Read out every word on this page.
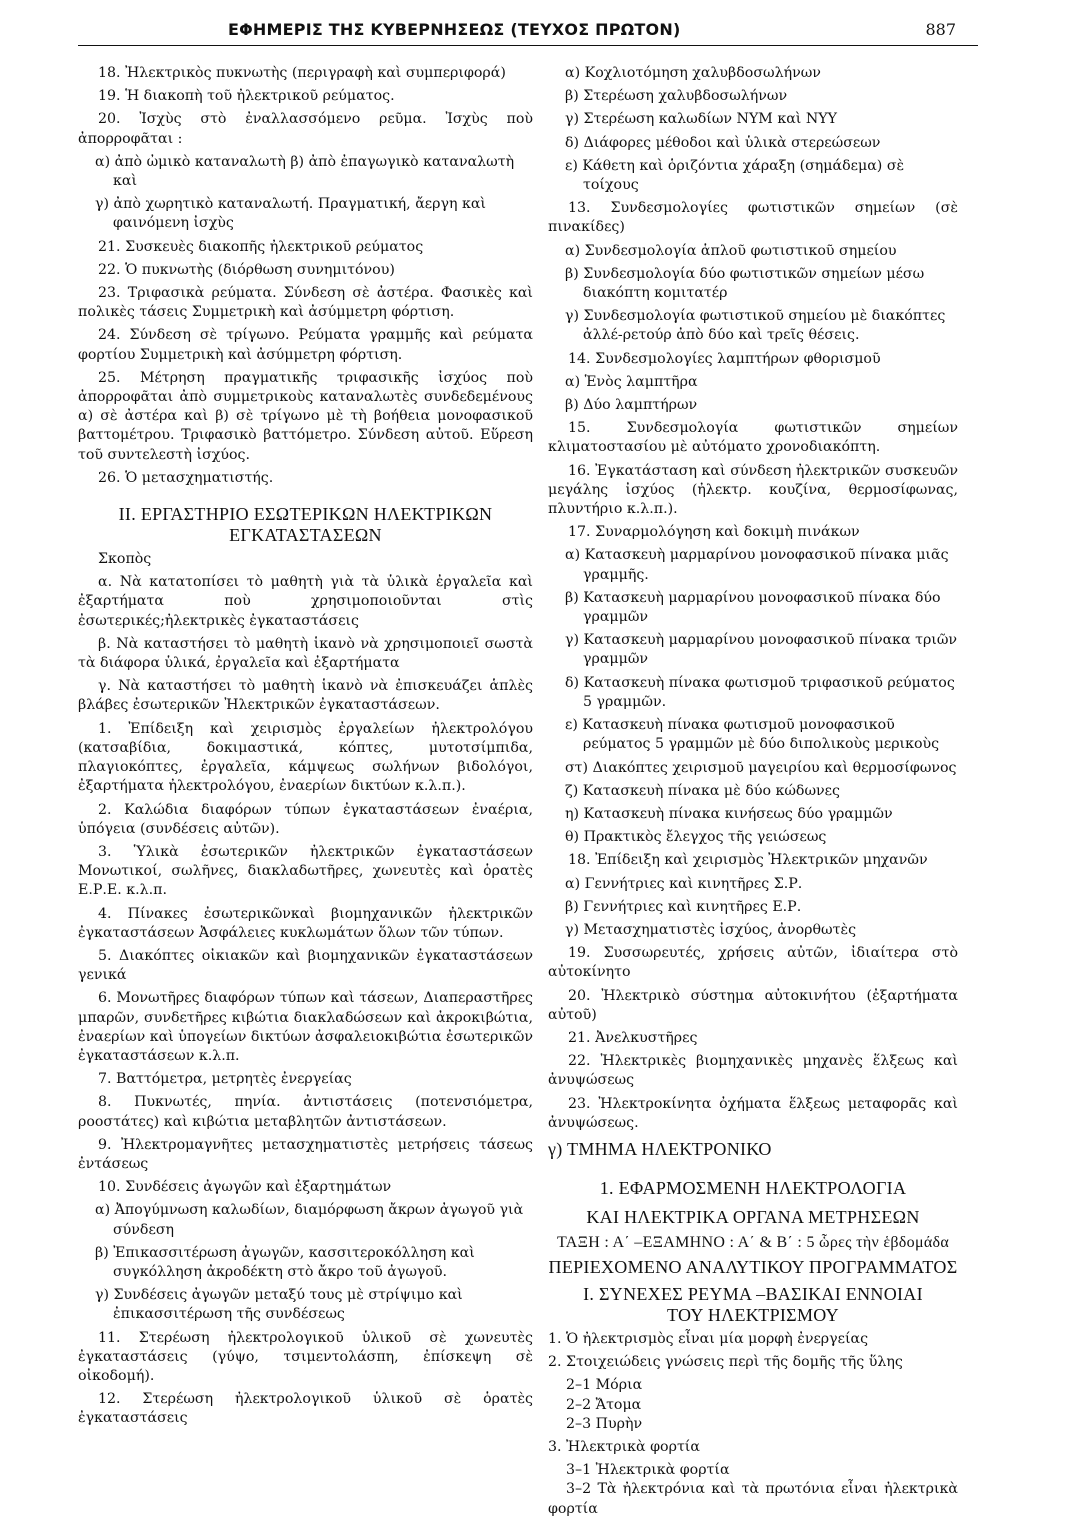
ΕΦΗΜΕΡΙΣ ΤΗΣ ΚΥΒΕΡΝΗΣΕΩΣ (ΤΕΥΧΟΣ ΠΡΩΤΟΝ)	887

18. Ἠλεκτρικὸς πυκνωτὴς (περιγραφὴ καὶ συμπεριφορά)

19. Ἡ διακοπὴ τοῦ ἠλεκτρικοῦ ρεύματος.

20. Ἰσχὺς στὸ ἐναλλασσόμενο ρεῦμα. Ἰσχὺς ποὺ ἀπορροφᾶται :

α) ἀπὸ ὠμικὸ καταναλωτὴ β) ἀπὸ ἐπαγωγικὸ καταναλωτὴ καὶ

γ) ἀπὸ χωρητικὸ καταναλωτή. Πραγματική, ἄεργη καὶ φαινόμενη ἰσχὺς

21. Συσκευὲς διακοπῆς ἠλεκτρικοῦ ρεύματος

22. Ὁ πυκνωτὴς (διόρθωση συνημιτόνου)

23. Τριφασικὰ ρεύματα. Σύνδεση σὲ ἀστέρα. Φασικὲς καὶ πολικὲς τάσεις Συμμετρικὴ καὶ ἀσύμμετρη φόρτιση.

24. Σύνδεση σὲ τρίγωνο. Ρεύματα γραμμῆς καὶ ρεύματα φορτίου Συμμετρικὴ καὶ ἀσύμμετρη φόρτιση.

25. Μέτρηση πραγματικῆς τριφασικῆς ἰσχύος ποὺ ἀπορροφᾶται ἀπὸ συμμετρικοὺς καταναλωτὲς συνδεδεμένους α) σὲ ἀστέρα καὶ β) σὲ τρίγωνο μὲ τὴ βοήθεια μονοφασικοῦ βαττομέτρου. Τριφασικὸ βαττόμετρο. Σύνδεση αὐτοῦ. Εὕρεση τοῦ συντελεστὴ ἰσχύος.

26. Ὁ μετασχηματιστής.

ΙΙ. ΕΡΓΑΣΤΗΡΙΟ ΕΣΩΤΕΡΙΚΩΝ ΗΛΕΚΤΡΙΚΩΝ

ΕΓΚΑΤΑΣΤΑΣΕΩΝ

Σκοπὸς

α. Νὰ κατατοπίσει τὸ μαθητὴ γιὰ τὰ ὑλικὰ ἐργαλεῖα καὶ ἐξαρτήματα ποὺ χρησιμοποιοῦνται στὶς ἐσωτερικές;ἠλεκτρικὲς ἐγκαταστάσεις

β. Νὰ καταστήσει τὸ μαθητὴ ἱκανὸ νὰ χρησιμοποιεῖ σωστὰ τὰ διάφορα ὑλικά, ἐργαλεῖα καὶ ἐξαρτήματα

γ. Νὰ καταστήσει τὸ μαθητὴ ἱκανὸ νὰ ἐπισκευάζει ἁπλὲς βλάβες ἐσωτερικῶν Ἠλεκτρικῶν ἐγκαταστάσεων.

1. Ἐπίδειξη καὶ χειρισμὸς ἐργαλείων ἠλεκτρολόγου (κατσαβίδια, δοκιμαστικά, κόπτες, μυτοτσίμπιδα, πλαγιοκόπτες, ἐργαλεῖα, κάμψεως σωλήνων βιδολόγοι, ἐξαρτήματα ἠλεκτρολόγου, ἐναερίων δικτύων κ.λ.π.).

2. Καλώδια διαφόρων τύπων ἐγκαταστάσεων ἐναέρια, ὑπόγεια (συνδέσεις αὐτῶν).

3. Ὑλικὰ ἐσωτερικῶν ἠλεκτρικῶν ἐγκαταστάσεων Μονωτικοί, σωλῆνες, διακλαδωτῆρες, χωνευτὲς καὶ ὁρατὲς Ε.Ρ.Ε. κ.λ.π.

4. Πίνακες ἐσωτερικῶνκαὶ βιομηχανικῶν ἠλεκτρικῶν ἐγκαταστάσεων Ἀσφάλειες κυκλωμάτων ὅλων τῶν τύπων.

5. Διακόπτες οἰκιακῶν καὶ βιομηχανικῶν ἐγκαταστάσεων γενικά

6. Μονωτῆρες διαφόρων τύπων καὶ τάσεων, Διαπεραστῆρες μπαρῶν, συνδετῆρες κιβώτια διακλαδώσεων καὶ ἀκροκιβώτια, ἐναερίων καὶ ὑπογείων δικτύων ἀσφαλειοκιβώτια ἐσωτερικῶν ἐγκαταστάσεων κ.λ.π.

7. Βαττόμετρα, μετρητὲς ἐνεργείας

8. Πυκνωτές, πηνία. ἀντιστάσεις (ποτενσιόμετρα, ροοστάτες) καὶ κιβώτια μεταβλητῶν ἀντιστάσεων.

9. Ἠλεκτρομαγνῆτες μετασχηματιστὲς μετρήσεις τάσεως ἐντάσεως

10. Συνδέσεις ἀγωγῶν καὶ ἐξαρτημάτων

α) Ἀπογύμνωση καλωδίων, διαμόρφωση ἄκρων ἀγωγοῦ γιὰ σύνδεση

β) Ἐπικασσιτέρωση ἀγωγῶν, κασσιτεροκόλληση καὶ συγκόλληση ἀκροδέκτη στὸ ἄκρο τοῦ ἀγωγοῦ.

γ) Συνδέσεις ἀγωγῶν μεταξύ τους μὲ στρίψιμο καὶ ἐπικασσιτέρωση τῆς συνδέσεως

11. Στερέωση ἠλεκτρολογικοῦ ὑλικοῦ σὲ χωνευτὲς ἐγκαταστάσεις (γύψο, τσιμεντολάσπη, ἐπίσκεψη σὲ οἰκοδομή).

12. Στερέωση ἠλεκτρολογικοῦ ὑλικοῦ σὲ ὁρατὲς ἐγκαταστάσεις

α) Κοχλιοτόμηση χαλυβδοσωλήνων

β) Στερέωση χαλυβδοσωλήνων

γ) Στερέωση καλωδίων NYM καὶ NYY

δ) Διάφορες μέθοδοι καὶ ὑλικὰ στερεώσεων

ε) Κάθετη καὶ ὁριζόντια χάραξη (σημάδεμα) σὲ τοίχους

13. Συνδεσμολογίες φωτιστικῶν σημείων (σὲ πινακίδες)

α) Συνδεσμολογία ἁπλοῦ φωτιστικοῦ σημείου

β) Συνδεσμολογία δύο φωτιστικῶν σημείων μέσω διακόπτη κομιτατέρ

γ) Συνδεσμολογία φωτιστικοῦ σημείου μὲ διακόπτες ἀλλέ-ρετούρ ἀπὸ δύο καὶ τρεῖς θέσεις.

14. Συνδεσμολογίες λαμπτήρων φθορισμοῦ

α) Ἑνὸς λαμπτῆρα

β) Δύο λαμπτήρων

15. Συνδεσμολογία φωτιστικῶν σημείων κλιματοστασίου μὲ αὐτόματο χρονοδιακόπτη.

16. Ἐγκατάσταση καὶ σύνδεση ἠλεκτρικῶν συσκευῶν μεγάλης ἰσχύος (ἠλεκτρ. κουζίνα, θερμοσίφωνας, πλυντήριο κ.λ.π.).

17. Συναρμολόγηση καὶ δοκιμὴ πινάκων

α) Κατασκευὴ μαρμαρίνου μονοφασικοῦ πίνακα μιᾶς γραμμῆς.

β) Κατασκευὴ μαρμαρίνου μονοφασικοῦ πίνακα δύο γραμμῶν

γ) Κατασκευὴ μαρμαρίνου μονοφασικοῦ πίνακα τριῶν γραμμῶν

δ) Κατασκευὴ πίνακα φωτισμοῦ τριφασικοῦ ρεύματος 5 γραμμῶν.

ε) Κατασκευὴ πίνακα φωτισμοῦ μονοφασικοῦ ρεύματος 5 γραμμῶν μὲ δύο διπολικοὺς μερικοὺς

στ) Διακόπτες χειρισμοῦ μαγειρίου καὶ θερμοσίφωνος

ζ) Κατασκευὴ πίνακα μὲ δύο κώδωνες

η) Κατασκευὴ πίνακα κινήσεως δύο γραμμῶν

θ) Πρακτικὸς ἔλεγχος τῆς γειώσεως

18. Ἐπίδειξη καὶ χειρισμὸς Ἠλεκτρικῶν μηχανῶν

α) Γεννήτριες καὶ κινητῆρες Σ.Ρ.

β) Γεννήτριες καὶ κινητῆρες Ε.Ρ.

γ) Μετασχηματιστὲς ἰσχύος, ἀνορθωτὲς

19. Συσσωρευτές, χρήσεις αὐτῶν, ἰδιαίτερα στὸ αὐτοκίνητο

20. Ἠλεκτρικὸ σύστημα αὐτοκινήτου (ἐξαρτήματα αὐτοῦ)

21. Ἀνελκυστῆρες

22. Ἠλεκτρικὲς βιομηχανικὲς μηχανὲς ἕλξεως καὶ ἀνυψώσεως

23. Ἠλεκτροκίνητα ὀχήματα ἕλξεως μεταφορᾶς καὶ ἀνυψώσεως.

γ) ΤΜΗΜΑ ΗΛΕΚΤΡΟΝΙΚΟ

1. ΕΦΑΡΜΟΣΜΕΝΗ ΗΛΕΚΤΡΟΛΟΓΙΑ

ΚΑΙ ΗΛΕΚΤΡΙΚΑ ΟΡΓΑΝΑ ΜΕΤΡΗΣΕΩΝ

ΤΑΞΗ : Α΄ –ΕΞΑΜΗΝΟ : Α΄ & Β΄ : 5 ὧρες τὴν ἑβδομάδα

ΠΕΡΙΕΧΟΜΕΝΟ ΑΝΑΛΥΤΙΚΟΥ ΠΡΟΓΡΑΜΜΑΤΟΣ

Ι. ΣΥΝΕΧΕΣ ΡΕΥΜΑ –ΒΑΣΙΚΑΙ ΕΝΝΟΙΑΙ

ΤΟΥ ΗΛΕΚΤΡΙΣΜΟΥ

1. Ὁ ἠλεκτρισμὸς εἶναι μία μορφὴ ἐνεργείας

2. Στοιχειώδεις γνώσεις περὶ τῆς δομῆς τῆς ὕλης

2–1 Μόρια

2–2 Ἄτομα

2–3 Πυρὴν

3. Ἠλεκτρικὰ φορτία

3–1 Ἠλεκτρικὰ φορτία

3–2 Τὰ ἠλεκτρόνια καὶ τὰ πρωτόνια εἶναι ἠλεκτρικὰ φορτία
